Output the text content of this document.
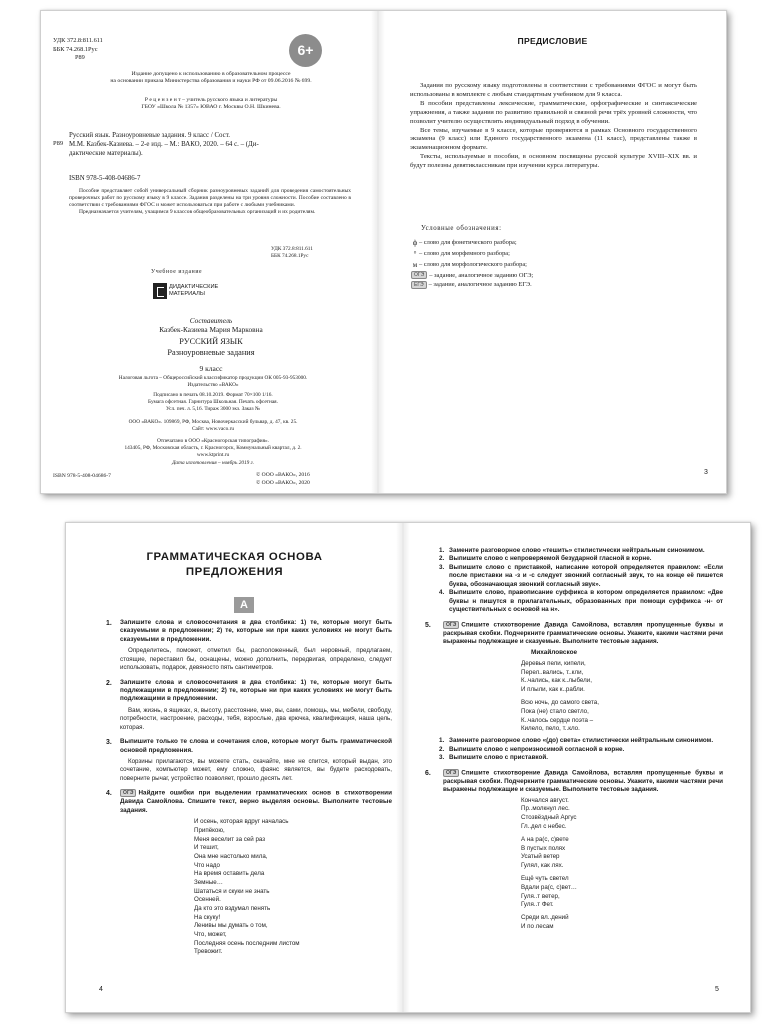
УДК 372.8:811.611
ББК 74.268.1Рус
Р89	6+
Издание допущено к использованию в образовательном процессе
на основании приказа Министерства образования и науки РФ от 09.06.2016 № 699.
Р е ц е н з е н т – учитель русского языка и литературы
ГБОУ «Школа № 1357» ЮВАО г. Москвы О.Н. Шкинева.
Р89
Русский язык. Разноуровневые задания. 9 класс / Сост.
М.М. Казбек-Казиева. – 2-е изд. – М.: ВАКО, 2020. – 64 с. – (Ди-
дактические материалы).
ISBN 978-5-408-04686-7

Пособие представляет собой универсальный сборник разноуровневых заданий для проведения самостоятельных проверочных работ по русскому языку в 9 классе. Задания разделены на три уровня сложности. Пособие составлено в соответствии с требованиями ФГОС и может использоваться при работе с любыми учебниками.

Предназначается учителям, учащимся 9 классов общеобразовательных организаций и их родителям.

УДК 372.8:811.611
ББК 74.268.1Рус
Учебное издание
ДИДАКТИЧЕСКИЕ
МАТЕРИАЛЫ
Составитель
Казбек-Казиева Мария Марковна
РУССКИЙ ЯЗЫК
Разноуровневые задания
9 класс
Налоговая льгота – Общероссийский классификатор продукции ОК 005-93-953000.
Издательство «ВАКО»
Подписано в печать 08.10.2019. Формат 70×100 1/16.
Бумага офсетная. Гарнитура Школьная. Печать офсетная.
Усл. печ. л. 5,16. Тираж 3000 экз. Заказ №
ООО «ВАКО». 109869, РФ, Москва, Новочеркасский бульвар, д. 47, кв. 25.
Сайт: www.vaco.ru
Отпечатано в ООО «Красногорская типография».
143405, РФ, Московская область, г. Красногорск, Коммунальный квартал, д. 2.
www.ktprint.ru
Дата изготовления – ноябрь 2019 г.
ISBN 978-5-408-04686-7	© ООО «ВАКО», 2016
© ООО «ВАКО», 2020
ПРЕДИСЛОВИЕ

Задания по русскому языку подготовлены в соответствии с требованиями ФГОС и могут быть использованы в комплекте с любым стандартным учебником для 9 класса.

В пособии представлены лексические, грамматические, орфографические и синтаксические упражнения, а также задания по развитию правильной и связной речи трёх уровней сложности, что позволит учителю осуществлять индивидуальный подход в обучении.

Все темы, изучаемые в 9 классе, которые проверяются в рамках Основного государственного экзамена (9 класс) или Единого государственного экзамена (11 класс), представлены также в экзаменационном формате.

Тексты, используемые в пособии, в основном посвящены русской культуре XVIII–XIX вв. и будут полезны девятиклассникам при изучении курса литературы.

Условные обозначения:
ф – слово для фонетического разбора;
° – слово для морфемного разбора;
м – слово для морфологического разбора;
ОГЭ – задание, аналогичное заданию ОГЭ;
ЕГЭ – задание, аналогичное заданию ЕГЭ.
3
ГРАММАТИЧЕСКАЯ ОСНОВА
ПРЕДЛОЖЕНИЯ
А
1. Запишите слова и словосочетания в два столбика: 1) те, которые могут быть сказуемыми в предложении; 2) те, которые ни при каких условиях не могут быть сказуемыми в предложении.
Определитесь, поможет, отметил бы, расположенный, был неровный, предлагаем, стоящие, переставил бы, оснащены, можно дополнить, передвигая, определено, следует использовать, подарок, девяносто пять сантиметров.
2. Запишите слова и словосочетания в два столбика: 1) те, которые могут быть подлежащими в предложении; 2) те, которые ни при каких условиях не могут быть подлежащими в предложении.
Вам, жизнь, в ящиках, я, высоту, расстояние, мне, вы, сами, помощь, мы, мебели, свободу, потребности, настроение, расходы, тебя, взрослые, два крючка, квалификация, наша цель, которая.
3. Выпишите только те слова и сочетания слов, которые могут быть грамматической основой предложения.
Корзины прилагаются, вы можете стать, скачайте, мне не спится, который выдан, это сочетание, компьютер может, ему сложно, фаянс является, вы будете расходовать, поверните рычаг, устройство позволяет, прошло десять лет.
4.	ОГЭ Найдите ошибки при выделении грамматических основ в стихотворении Давида Самойлова. Спишите текст, верно выделяя основы. Выполните тестовые задания.
И осень, которая вдруг началась
Припёкою,
Меня веселит за сей раз
И тешит,
Она мне настолько мила,
Что надо
На время оставить дела
Земные…
Шататься и скуки не знать
Осенней.
Да кто это вздумал пенять
На скуку!
Ленивы мы думать о том,
Что, может,
Последняя осень последним листом
Тревожит.
4
1. Замените разговорное слово «тешить» стилистически нейтральным синонимом.
2. Выпишите слово с непроверяемой безударной гласной в корне.
3. Выпишите слово с приставкой, написание которой определяется правилом: «Если после приставки на -з и -с следует звонкий согласный звук, то на конце её пишется буква, обозначающая звонкий согласный звук».
4. Выпишите слово, правописание суффикса в котором определяется правилом: «Две буквы н пишутся в прилагательных, образованных при помощи суффикса -н- от существительных с основой на н».
5.	ОГЭ Спишите стихотворение Давида Самойлова, вставляя пропущенные буквы и раскрывая скобки. Подчеркните грамматические основы. Укажите, какими частями речи выражены подлежащие и сказуемые. Выполните тестовые задания.
Михайловское
Деревья пели, кипели,
Перел..вались, т..кли,
К..чались, как к..лыбели,
И плыли, как к..рабли.
Всю ночь, до самого света,
Пока (не) стало светло,
К..чалось сердце поэта –
Килело, пело, т..кло.
1. Замените разговорное слово «(до) света» стилистически нейтральным синонимом.
2. Выпишите слово с непроизносимой согласной в корне.
3. Выпишите слово с приставкой.
6.	ОГЭ Спишите стихотворение Давида Самойлова, вставляя пропущенные буквы и раскрывая скобки. Подчеркните грамматические основы. Укажите, какими частями речи выражены подлежащие и сказуемые. Выполните тестовые задания.
Кончался август.
Пр..молкнул лес.
Стозвёздный Аргус
Гл..дел с небес.
А на ра(с, с)вете
В пустых полях
Усатый ветер
Гулял, как лях.
Ещё чуть светел
Вдали ра(с, с)вет…
Гуля..т ветер,
Гуля..т Фет.
Среди вл..дений
И по лесам
5
